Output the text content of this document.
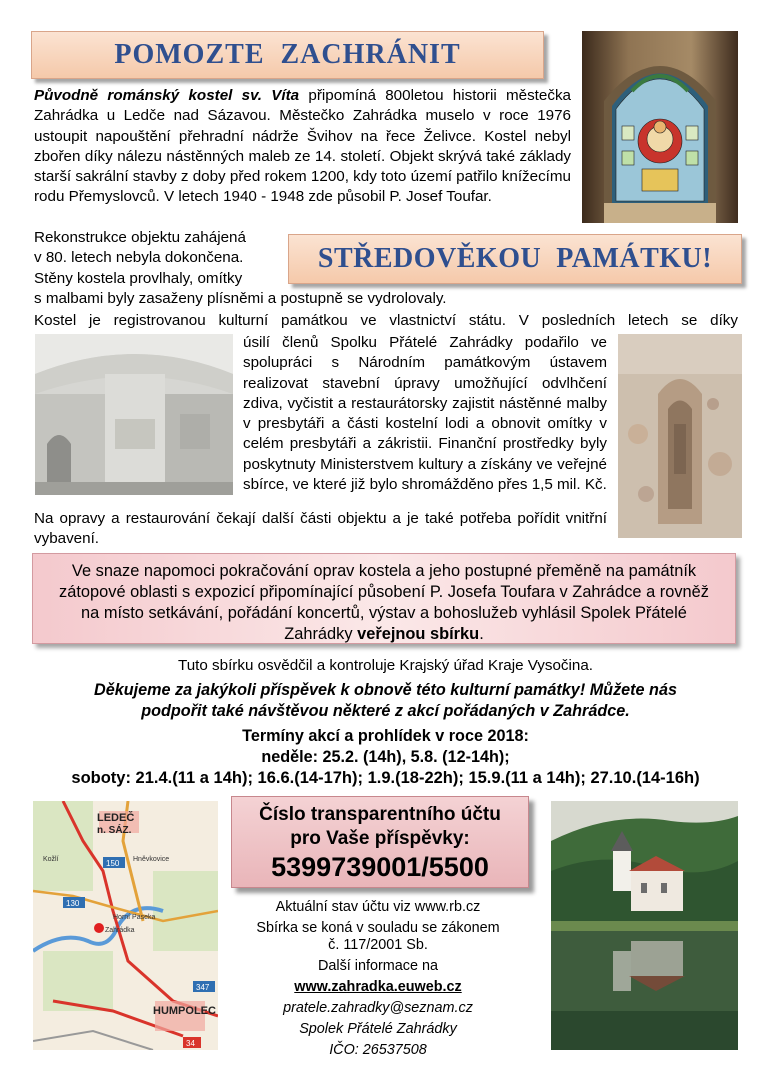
POMOZTE  ZACHRÁNIT
Původně románský kostel sv. Víta připomíná 800letou historii městečka Zahrádka u Ledče nad Sázavou. Městečko Zahrádka muselo v roce 1976 ustoupit napouštění přehradní nádrže Švihov na řece Želivce. Kostel nebyl zbořen díky nálezu nástěnných maleb ze 14. století. Objekt skrývá také základy starší sakrální stavby z doby před rokem 1200, kdy toto území patřilo knížecímu rodu Přemyslovců. V letech 1940 - 1948 zde působil P. Josef Toufar.
Rekonstrukce objektu zahájená
v 80. letech nebyla dokončena.
Stěny kostela provlhaly, omítky
STŘEDOVĚKOU  PAMÁTKU!
s malbami byly zasaženy plísněmi a postupně se vydrolovaly.
Kostel je registrovanou kulturní památkou ve vlastnictví státu. V posledních letech se díky
úsilí členů Spolku Přátelé Zahrádky podařilo ve spolupráci s Národním památkovým ústavem realizovat stavební úpravy umožňující odvlhčení zdiva, vyčistit a restaurátorsky zajistit nástěnné malby v presbytáři a části kostelní lodi a obnovit omítky v celém presbytáři a zákristii. Finanční prostředky byly poskytnuty Ministerstvem kultury a získány ve veřejné sbírce, ve které již bylo shromážděno přes 1,5 mil. Kč.
Na opravy a restaurování čekají další části objektu a je také potřeba pořídit vnitřní vybavení.
Ve snaze napomoci pokračování oprav kostela a jeho postupné přeměně na památník zátopové oblasti s expozicí připomínající působení P. Josefa Toufara v Zahrádce a rovněž na místo setkávání, pořádání koncertů, výstav a bohoslužeb vyhlásil Spolek Přátelé Zahrádky veřejnou sbírku.
Tuto sbírku osvědčil a kontroluje Krajský úřad Kraje Vysočina.
Děkujeme za jakýkoli příspěvek k obnově této kulturní památky! Můžete nás
podpořit také návštěvou některé z akcí pořádaných v Zahrádce.
Termíny akcí a prohlídek v roce 2018:
neděle: 25.2. (14h), 5.8. (12-14h);
soboty: 21.4.(11 a 14h); 16.6.(14-17h); 1.9.(18-22h); 15.9.(11 a 14h); 27.10.(14-16h)
LEDEČ
n. SÁZ.
HUMPOLEC
Zahrádka
Horní Paseka
Kožlí	Hněvkovice
150
130
347
34
Číslo transparentního účtu
pro Vaše příspěvky:
5399739001/5500
Aktuální stav účtu viz www.rb.cz
Sbírka se koná v souladu se zákonem
č. 117/2001 Sb.
Další informace na
www.zahradka.euweb.cz
pratele.zahradky@seznam.cz
Spolek Přátelé Zahrádky
IČO: 26537508
